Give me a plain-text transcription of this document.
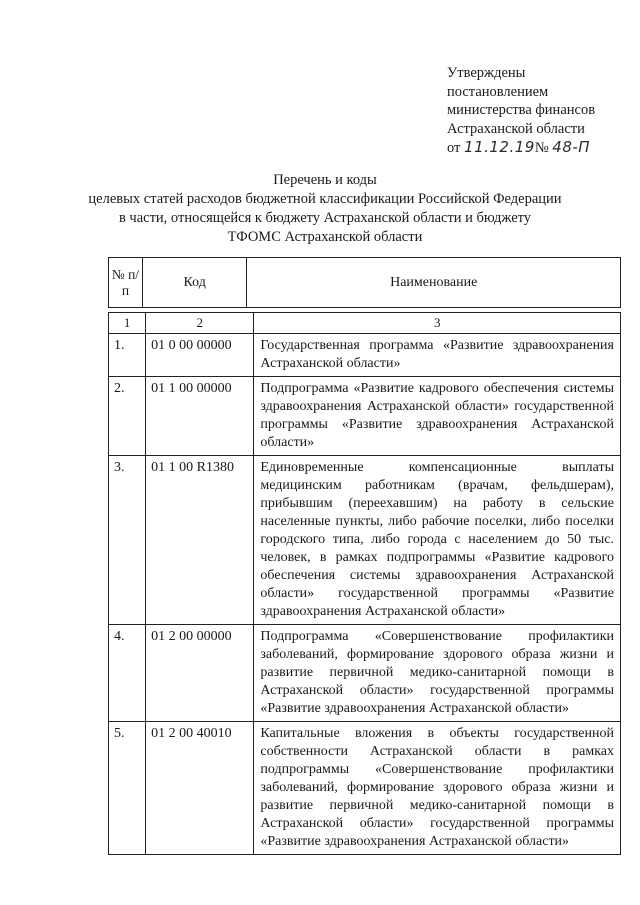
Утверждены
постановлением
министерства финансов
Астраханской области
от 11.12.19№ 48-П
Перечень и коды
целевых статей расходов бюджетной классификации Российской Федерации
в части, относящейся к бюджету Астраханской области и бюджету
ТФОМС Астраханской области
№ п/п	Код	Наименование
1	2	3
1.	01 0 00 00000	Государственная программа «Развитие здравоохранения Астраханской области»
2.	01 1 00 00000	Подпрограмма «Развитие кадрового обеспечения системы здравоохранения Астраханской области» государственной программы «Развитие здравоохранения Астраханской области»
3.	01 1 00 R1380	Единовременные компенсационные выплаты медицинским работникам (врачам, фельдшерам), прибывшим (переехавшим) на работу в сельские населенные пункты, либо рабочие поселки, либо поселки городского типа, либо города с населением до 50 тыс. человек, в рамках подпрограммы «Развитие кадрового обеспечения системы здравоохранения Астраханской области» государственной программы «Развитие здравоохранения Астраханской области»
4.	01 2 00 00000	Подпрограмма «Совершенствование профилактики заболеваний, формирование здорового образа жизни и развитие первичной медико-санитарной помощи в Астраханской области» государственной программы «Развитие здравоохранения Астраханской области»
5.	01 2 00 40010	Капитальные вложения в объекты государственной собственности Астраханской области в рамках подпрограммы «Совершенствование профилактики заболеваний, формирование здорового образа жизни и развитие первичной медико-санитарной помощи в Астраханской области» государственной программы «Развитие здравоохранения Астраханской области»
